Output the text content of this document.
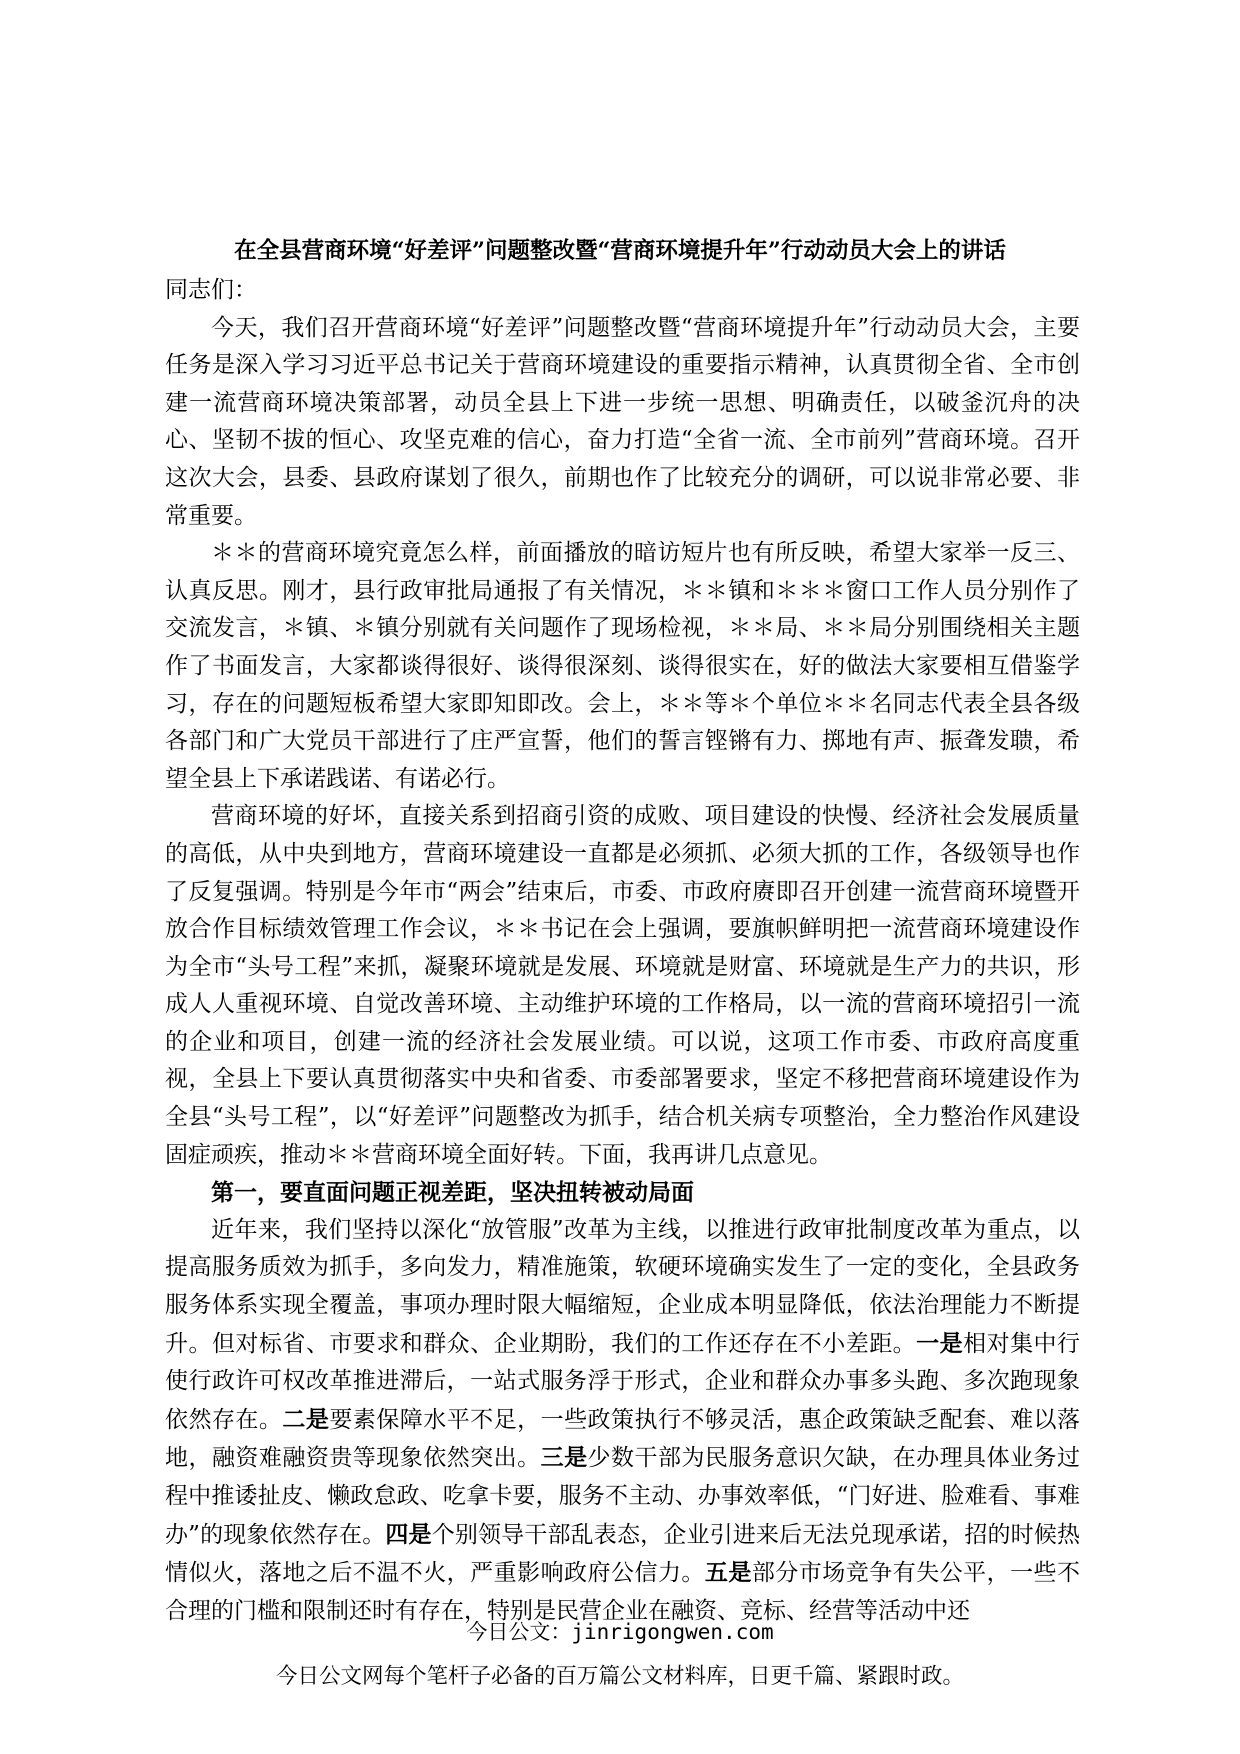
在全县营商环境“好差评”问题整改暨“营商环境提升年”行动动员大会上的讲话

同志们：

今天，我们召开营商环境“好差评”问题整改暨“营商环境提升年”行动动员大会，主要任务是深入学习习近平总书记关于营商环境建设的重要指示精神，认真贯彻全省、全市创建一流营商环境决策部署，动员全县上下进一步统一思想、明确责任，以破釜沉舟的决心、坚韧不拔的恒心、攻坚克难的信心，奋力打造“全省一流、全市前列”营商环境。召开这次大会，县委、县政府谋划了很久，前期也作了比较充分的调研，可以说非常必要、非常重要。

＊＊的营商环境究竟怎么样，前面播放的暗访短片也有所反映，希望大家举一反三、认真反思。刚才，县行政审批局通报了有关情况，＊＊镇和＊＊＊窗口工作人员分别作了交流发言，＊镇、＊镇分别就有关问题作了现场检视，＊＊局、＊＊局分别围绕相关主题作了书面发言，大家都谈得很好、谈得很深刻、谈得很实在，好的做法大家要相互借鉴学习，存在的问题短板希望大家即知即改。会上，＊＊等＊个单位＊＊名同志代表全县各级各部门和广大党员干部进行了庄严宣誓，他们的誓言铿锵有力、掷地有声、振聋发聩，希望全县上下承诺践诺、有诺必行。

营商环境的好坏，直接关系到招商引资的成败、项目建设的快慢、经济社会发展质量的高低，从中央到地方，营商环境建设一直都是必须抓、必须大抓的工作，各级领导也作了反复强调。特别是今年市“两会”结束后，市委、市政府赓即召开创建一流营商环境暨开放合作目标绩效管理工作会议，＊＊书记在会上强调，要旗帜鲜明把一流营商环境建设作为全市“头号工程”来抓，凝聚环境就是发展、环境就是财富、环境就是生产力的共识，形成人人重视环境、自觉改善环境、主动维护环境的工作格局，以一流的营商环境招引一流的企业和项目，创建一流的经济社会发展业绩。可以说，这项工作市委、市政府高度重视，全县上下要认真贯彻落实中央和省委、市委部署要求，坚定不移把营商环境建设作为全县“头号工程”，以“好差评”问题整改为抓手，结合机关病专项整治，全力整治作风建设固症顽疾，推动＊＊营商环境全面好转。下面，我再讲几点意见。

第一，要直面问题正视差距，坚决扭转被动局面

近年来，我们坚持以深化“放管服”改革为主线，以推进行政审批制度改革为重点，以提高服务质效为抓手，多向发力，精准施策，软硬环境确实发生了一定的变化，全县政务服务体系实现全覆盖，事项办理时限大幅缩短，企业成本明显降低，依法治理能力不断提升。但对标省、市要求和群众、企业期盼，我们的工作还存在不小差距。一是相对集中行使行政许可权改革推进滞后，一站式服务浮于形式，企业和群众办事多头跑、多次跑现象依然存在。二是要素保障水平不足，一些政策执行不够灵活，惠企政策缺乏配套、难以落地，融资难融资贵等现象依然突出。三是少数干部为民服务意识欠缺，在办理具体业务过程中推诿扯皮、懒政怠政、吃拿卡要，服务不主动、办事效率低，“门好进、脸难看、事难办”的现象依然存在。四是个别领导干部乱表态，企业引进来后无法兑现承诺，招的时候热情似火，落地之后不温不火，严重影响政府公信力。五是部分市场竞争有失公平，一些不合理的门槛和限制还时有存在，特别是民营企业在融资、竞标、经营等活动中还

今日公文：jinrigongwen.com
今日公文网每个笔杆子必备的百万篇公文材料库，日更千篇、紧跟时政。
